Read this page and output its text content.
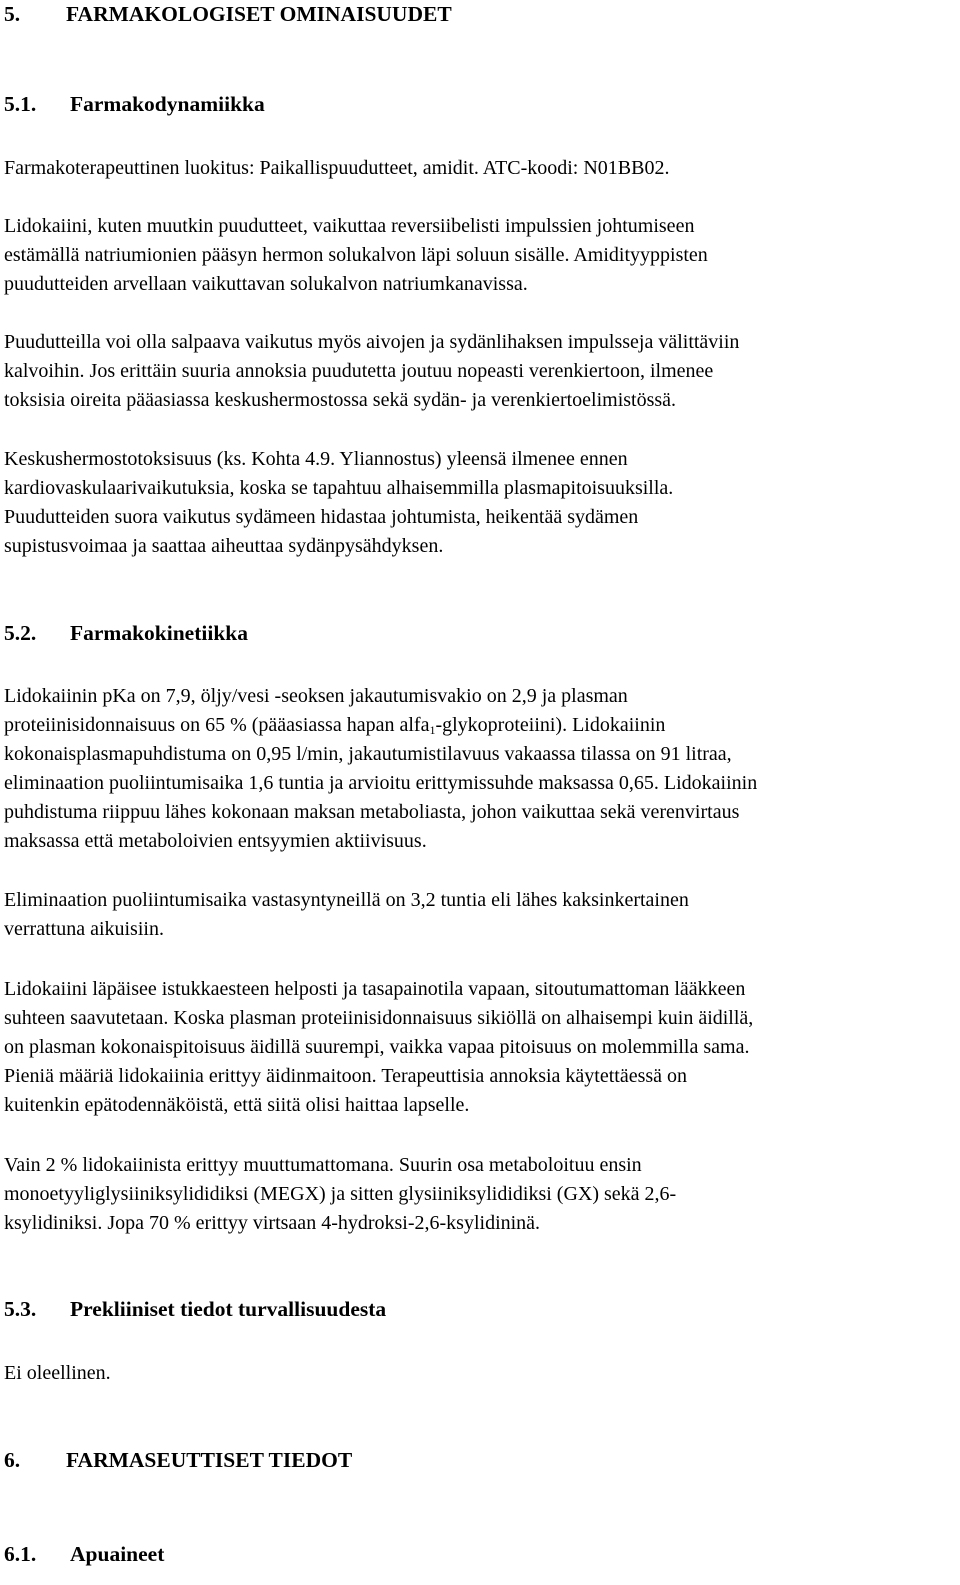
5. FARMAKOLOGISET OMINAISUUDET
5.1. Farmakodynamiikka
Farmakoterapeuttinen luokitus: Paikallispuudutteet, amidit. ATC-koodi: N01BB02.
Lidokaiini, kuten muutkin puudutteet, vaikuttaa reversiibelisti impulssien johtumiseen
estämällä natriumionien pääsyn hermon solukalvon läpi soluun sisälle. Amidityyppisten
puudutteiden arvellaan vaikuttavan solukalvon natriumkanavissa.
Puudutteilla voi olla salpaava vaikutus myös aivojen ja sydänlihaksen impulsseja välittäviin
kalvoihin. Jos erittäin suuria annoksia puudutetta joutuu nopeasti verenkiertoon, ilmenee
toksisia oireita pääasiassa keskushermostossa sekä sydän- ja verenkiertoelimistössä.
Keskushermostotoksisuus (ks. Kohta 4.9. Yliannostus) yleensä ilmenee ennen
kardiovaskulaarivaikutuksia, koska se tapahtuu alhaisemmilla plasmapitoisuuksilla.
Puudutteiden suora vaikutus sydämeen hidastaa johtumista, heikentää sydämen
supistusvoimaa ja saattaa aiheuttaa sydänpysähdyksen.
5.2. Farmakokinetiikka
Lidokaiinin pKa on 7,9, öljy/vesi -seoksen jakautumisvakio on 2,9 ja plasman
proteiinisidonnaisuus on 65 % (pääasiassa hapan alfa$_1$-glykoproteiini). Lidokaiinin
kokonaisplasmapuhdistuma on 0,95 l/min, jakautumistilavuus vakaassa tilassa on 91 litraa,
eliminaation puoliintumisaika 1,6 tuntia ja arvioitu erittymissuhde maksassa 0,65. Lidokaiinin
puhdistuma riippuu lähes kokonaan maksan metaboliasta, johon vaikuttaa sekä verenvirtaus
maksassa että metaboloivien entsyymien aktiivisuus.
Eliminaation puoliintumisaika vastasyntyneillä on 3,2 tuntia eli lähes kaksinkertainen
verrattuna aikuisiin.
Lidokaiini läpäisee istukkaesteen helposti ja tasapainotila vapaan, sitoutumattoman lääkkeen
suhteen saavutetaan. Koska plasman proteiinisidonnaisuus sikiöllä on alhaisempi kuin äidillä,
on plasman kokonaispitoisuus äidillä suurempi, vaikka vapaa pitoisuus on molemmilla sama.
Pieniä määriä lidokaiinia erittyy äidinmaitoon. Terapeuttisia annoksia käytettäessä on
kuitenkin epätodennäköistä, että siitä olisi haittaa lapselle.
Vain 2 % lidokaiinista erittyy muuttumattomana. Suurin osa metaboloituu ensin
monoetyyliglysiiniksylididiksi (MEGX) ja sitten glysiiniksylididiksi (GX) sekä 2,6-
ksylidiniksi. Jopa 70 % erittyy virtsaan 4-hydroksi-2,6-ksylidininä.
5.3. Prekliiniset tiedot turvallisuudesta
Ei oleellinen.
6. FARMASEUTTISET TIEDOT
6.1. Apuaineet
